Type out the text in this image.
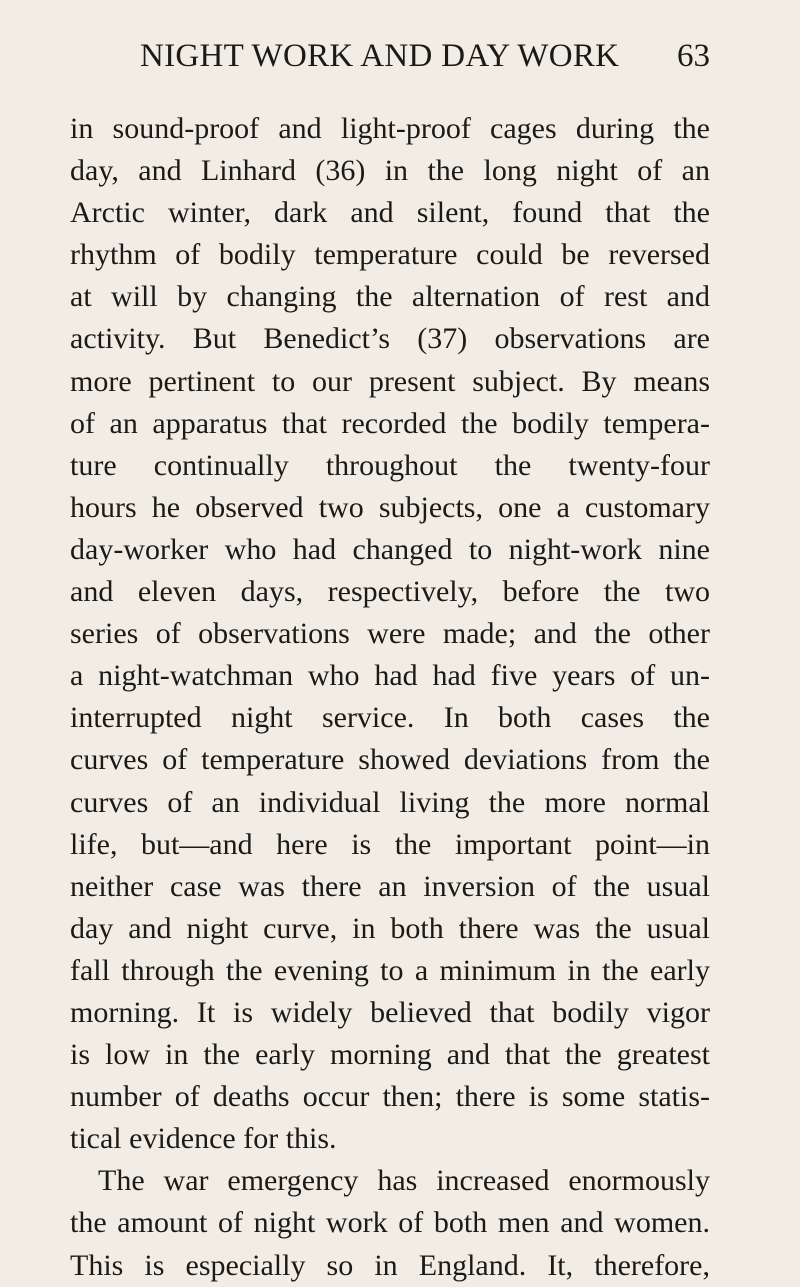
NIGHT WORK AND DAY WORK 63
in sound-proof and light-proof cages during the
day, and Linhard (36) in the long night of an
Arctic winter, dark and silent, found that the
rhythm of bodily temperature could be reversed
at will by changing the alternation of rest and
activity. But Benedict’s (37) observations are
more pertinent to our present subject. By means
of an apparatus that recorded the bodily tempera-
ture continually throughout the twenty-four
hours he observed two subjects, one a customary
day-worker who had changed to night-work nine
and eleven days, respectively, before the two
series of observations were made; and the other
a night-watchman who had had five years of un-
interrupted night service. In both cases the
curves of temperature showed deviations from the
curves of an individual living the more normal
life, but—and here is the important point—in
neither case was there an inversion of the usual
day and night curve, in both there was the usual
fall through the evening to a minimum in the early
morning. It is widely believed that bodily vigor
is low in the early morning and that the greatest
number of deaths occur then; there is some statis-
tical evidence for this.
The war emergency has increased enormously
the amount of night work of both men and women.
This is especially so in England. It, therefore,
